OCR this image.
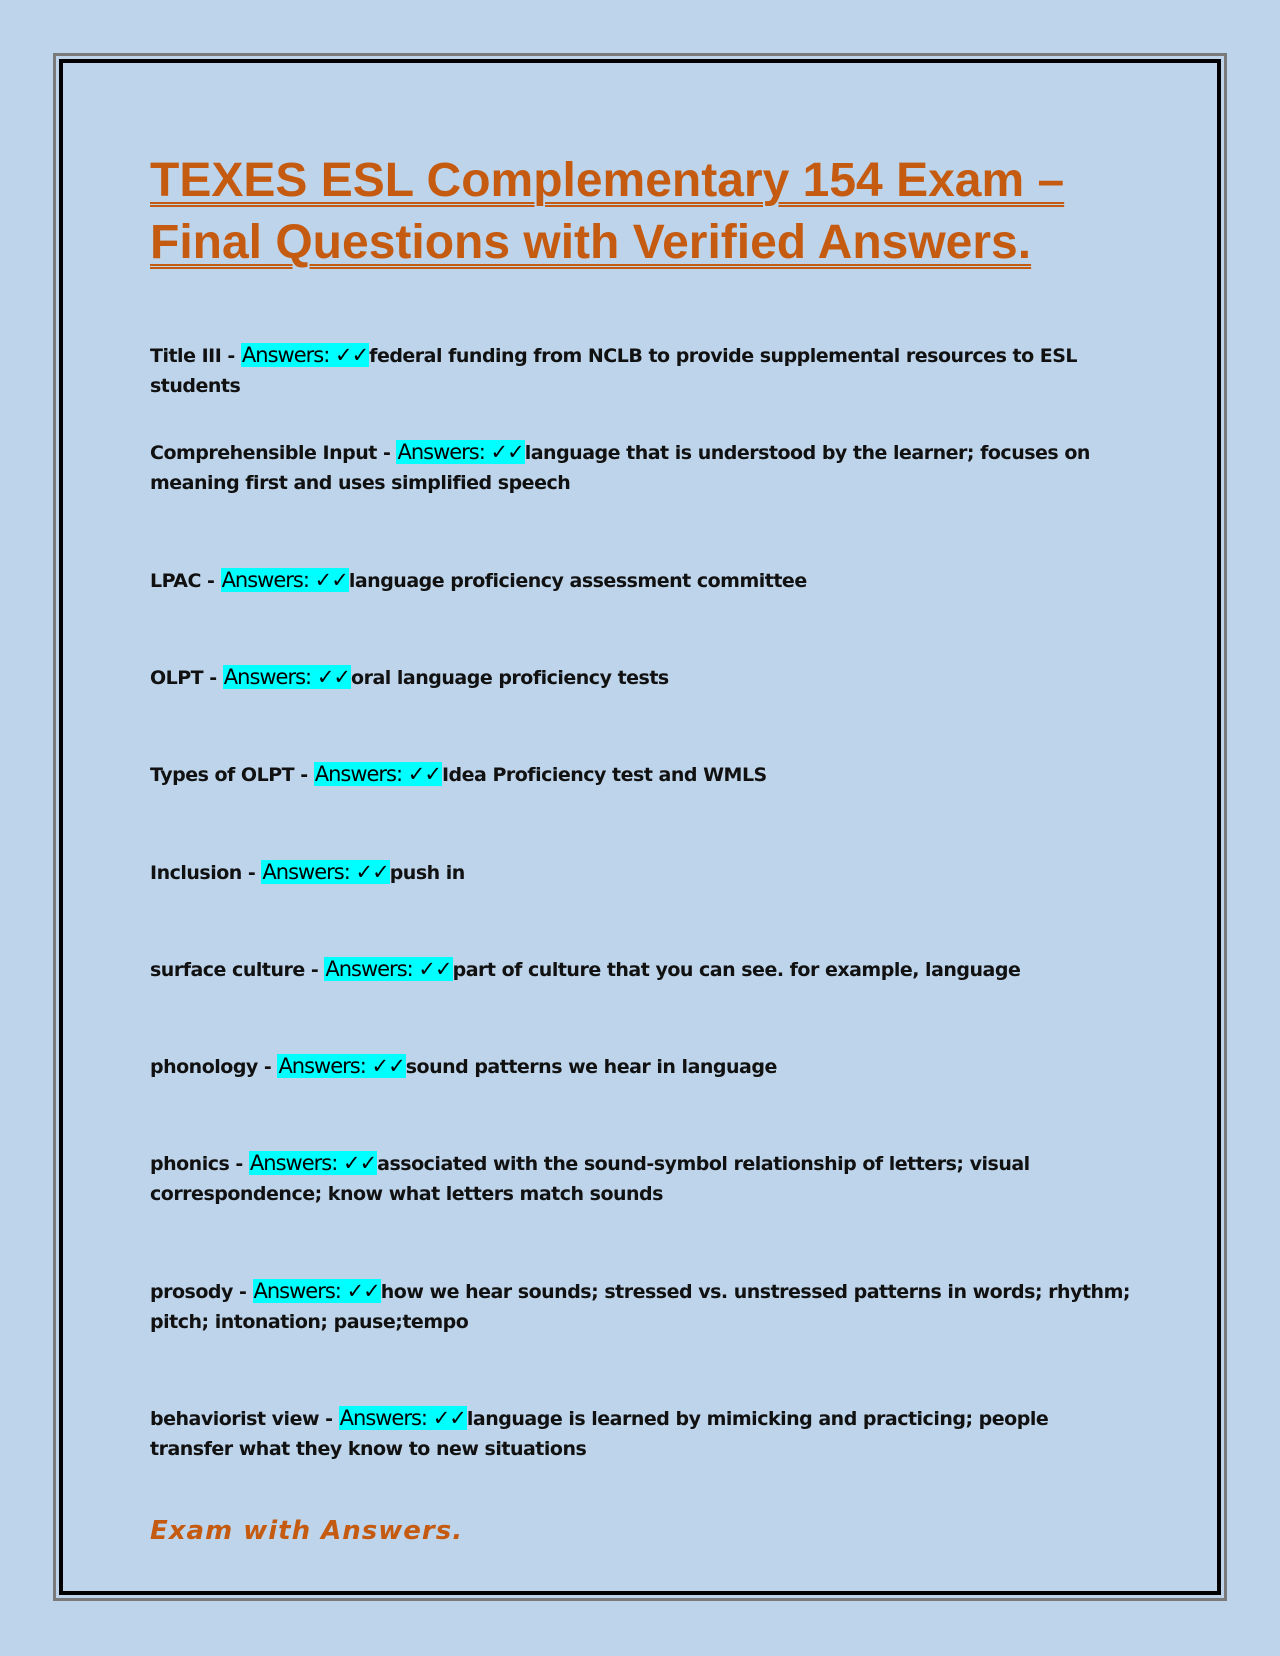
TEXES ESL Complementary 154 Exam – Final Questions with Verified Answers.
Title III - Answers: ✓✓federal funding from NCLB to provide supplemental resources to ESL students
Comprehensible Input - Answers: ✓✓language that is understood by the learner; focuses on meaning first and uses simplified speech
LPAC - Answers: ✓✓language proficiency assessment committee
OLPT - Answers: ✓✓oral language proficiency tests
Types of OLPT - Answers: ✓✓Idea Proficiency test and WMLS
Inclusion - Answers: ✓✓push in
surface culture - Answers: ✓✓part of culture that you can see. for example, language
phonology - Answers: ✓✓sound patterns we hear in language
phonics - Answers: ✓✓associated with the sound-symbol relationship of letters; visual correspondence; know what letters match sounds
prosody - Answers: ✓✓how we hear sounds; stressed vs. unstressed patterns in words; rhythm; pitch; intonation; pause;tempo
behaviorist view - Answers: ✓✓language is learned by mimicking and practicing; people transfer what they know to new situations

Exam with Answers.
